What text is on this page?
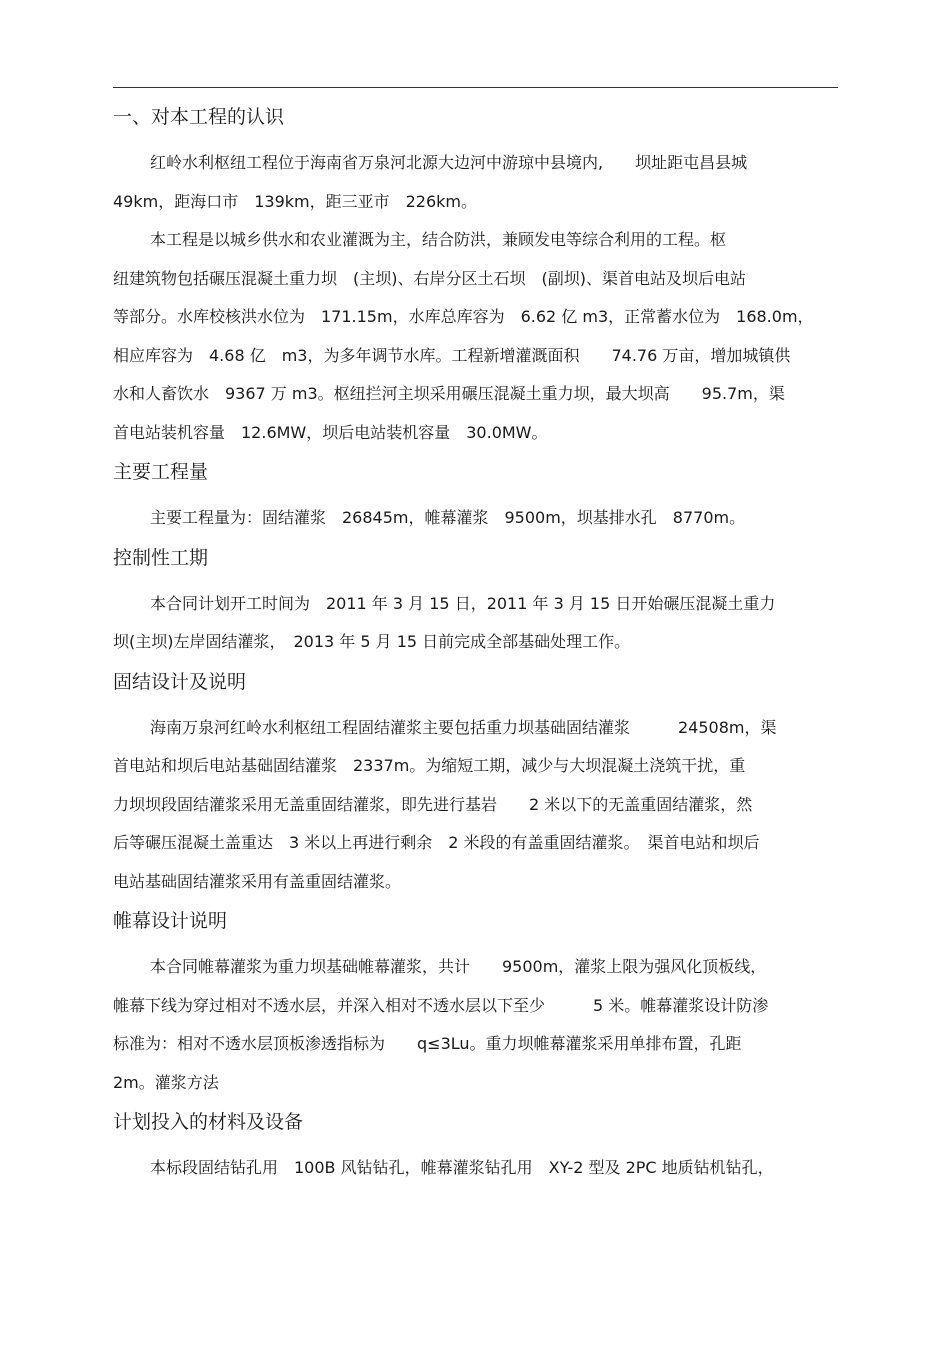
一、对本工程的认识
红岭水利枢纽工程位于海南省万泉河北源大边河中游琼中县境内,　　坝址距屯昌县城
49km，距海口市　139km，距三亚市　226km。
本工程是以城乡供水和农业灌溉为主，结合防洪，兼顾发电等综合利用的工程。枢
纽建筑物包括碾压混凝土重力坝　(主坝)、右岸分区土石坝　(副坝)、渠首电站及坝后电站
等部分。水库校核洪水位为　171.15m，水库总库容为　6.62 亿 m3，正常蓄水位为　168.0m，
相应库容为　4.68 亿　m3，为多年调节水库。工程新增灌溉面积　　74.76 万亩，增加城镇供
水和人畜饮水　9367 万 m3。枢纽拦河主坝采用碾压混凝土重力坝，最大坝高　　95.7m，渠
首电站装机容量　12.6MW，坝后电站装机容量　30.0MW。
主要工程量
主要工程量为：固结灌浆　26845m，帷幕灌浆　9500m，坝基排水孔　8770m。
控制性工期
本合同计划开工时间为　2011 年 3 月 15 日，2011 年 3 月 15 日开始碾压混凝土重力
坝(主坝)左岸固结灌浆，　2013 年 5 月 15 日前完成全部基础处理工作。
固结设计及说明
海南万泉河红岭水利枢纽工程固结灌浆主要包括重力坝基础固结灌浆　　　24508m，渠
首电站和坝后电站基础固结灌浆　2337m。为缩短工期，减少与大坝混凝土浇筑干扰，重
力坝坝段固结灌浆采用无盖重固结灌浆，即先进行基岩　　2 米以下的无盖重固结灌浆，然
后等碾压混凝土盖重达　3 米以上再进行剩余　2 米段的有盖重固结灌浆。　渠首电站和坝后
电站基础固结灌浆采用有盖重固结灌浆。
帷幕设计说明
本合同帷幕灌浆为重力坝基础帷幕灌浆，共计　　9500m，灌浆上限为强风化顶板线，
帷幕下线为穿过相对不透水层，并深入相对不透水层以下至少　　　5 米。帷幕灌浆设计防渗
标准为：相对不透水层顶板渗透指标为　　q≤3Lu。重力坝帷幕灌浆采用单排布置，孔距
2m。灌浆方法
计划投入的材料及设备
本标段固结钻孔用　100B 风钻钻孔，帷幕灌浆钻孔用　XY-2 型及 2PC 地质钻机钻孔，
